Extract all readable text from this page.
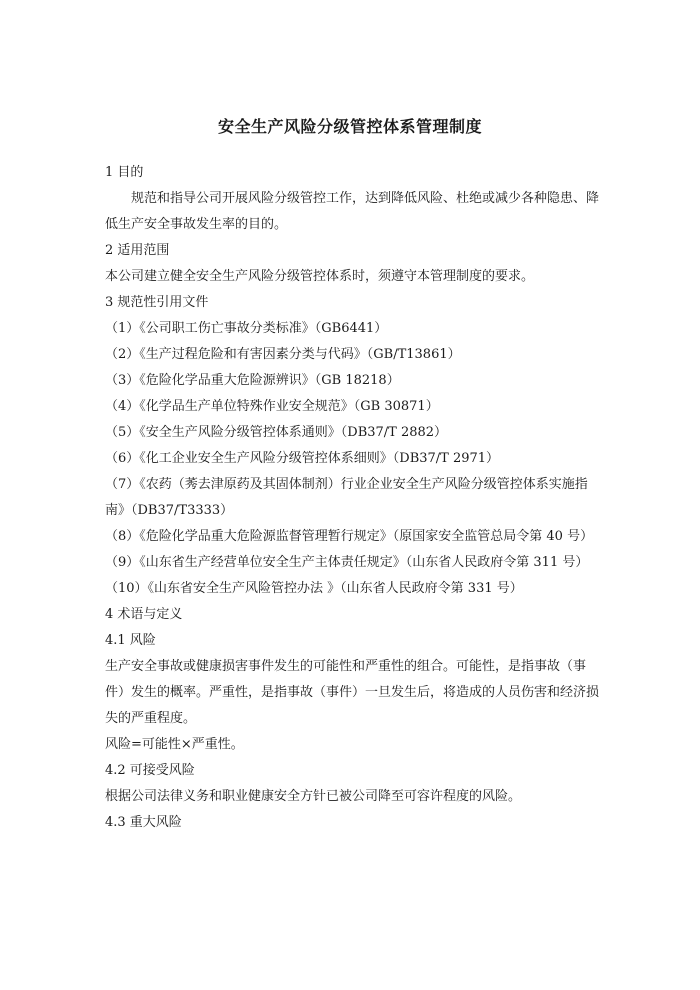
安全生产风险分级管控体系管理制度

1 目的

规范和指导公司开展风险分级管控工作，达到降低风险、杜绝或减少各种隐患、降低生产安全事故发生率的目的。

2 适用范围

本公司建立健全安全生产风险分级管控体系时，须遵守本管理制度的要求。

3 规范性引用文件

（1）《公司职工伤亡事故分类标准》（GB6441）

（2）《生产过程危险和有害因素分类与代码》（GB/T13861）

（3）《危险化学品重大危险源辨识》（GB 18218）

（4）《化学品生产单位特殊作业安全规范》（GB 30871）

（5）《安全生产风险分级管控体系通则》（DB37/T 2882）

（6）《化工企业安全生产风险分级管控体系细则》（DB37/T 2971）

（7）《农药（莠去津原药及其固体制剂）行业企业安全生产风险分级管控体系实施指南》（DB37/T3333）

（8）《危险化学品重大危险源监督管理暂行规定》（原国家安全监管总局令第 40 号）

（9）《山东省生产经营单位安全生产主体责任规定》（山东省人民政府令第 311 号）

（10）《山东省安全生产风险管控办法 》（山东省人民政府令第 331 号）

4 术语与定义

4.1 风险

生产安全事故或健康损害事件发生的可能性和严重性的组合。可能性，是指事故（事件）发生的概率。严重性，是指事故（事件）一旦发生后，将造成的人员伤害和经济损失的严重程度。

风险=可能性×严重性。

4.2 可接受风险

根据公司法律义务和职业健康安全方针已被公司降至可容许程度的风险。

4.3 重大风险
